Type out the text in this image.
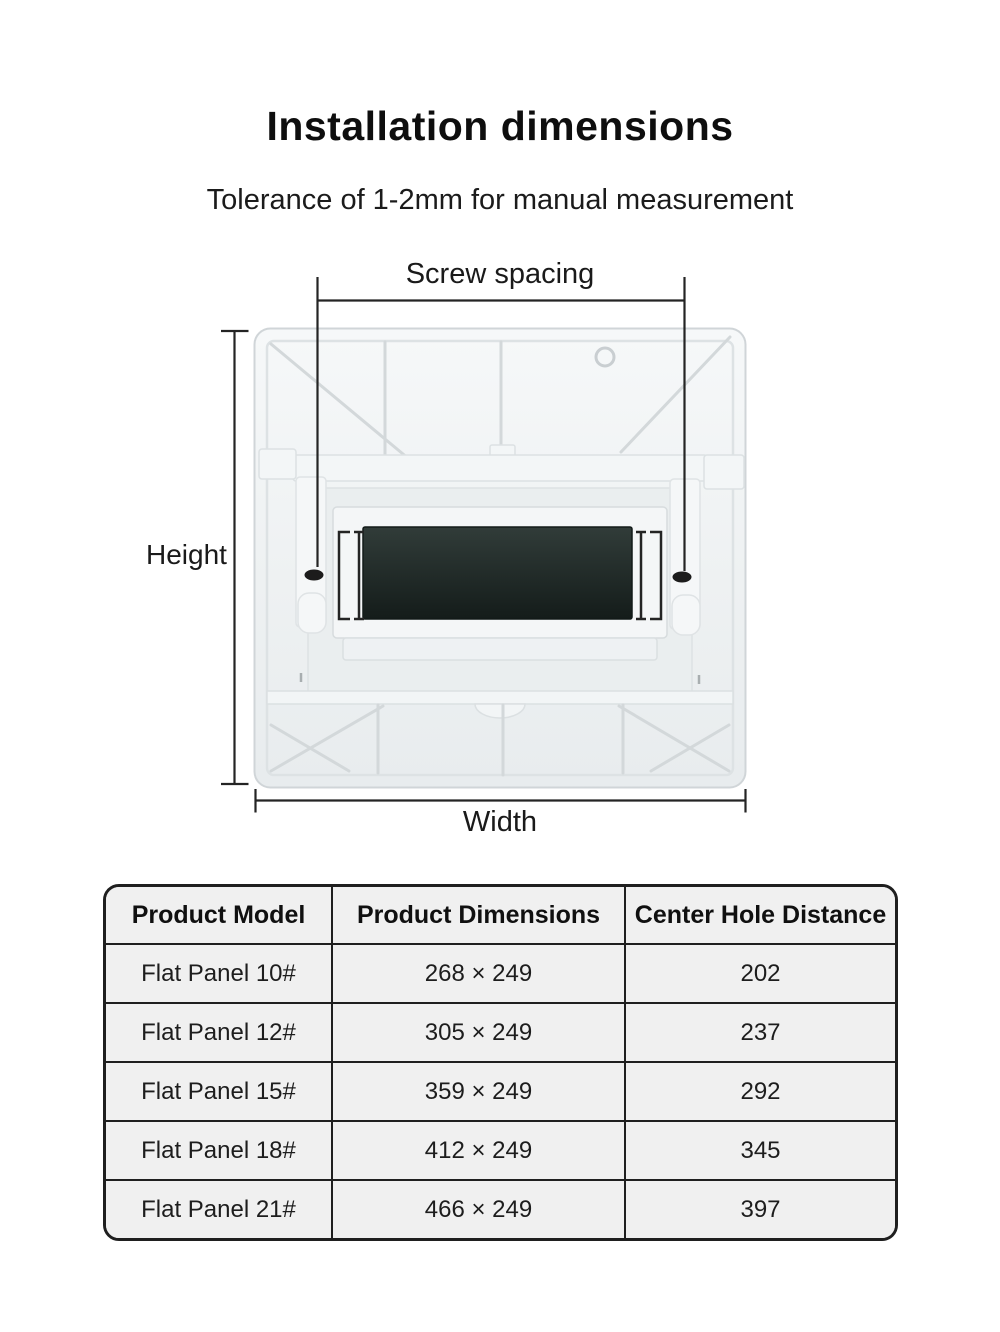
Installation dimensions
Tolerance of 1-2mm for manual measurement
Screw spacing
Height
Width
Product Model	Product Dimensions	Center Hole Distance
Flat Panel 10#	268 × 249	202
Flat Panel 12#	305 × 249	237
Flat Panel 15#	359 × 249	292
Flat Panel 18#	412 × 249	345
Flat Panel 21#	466 × 249	397
